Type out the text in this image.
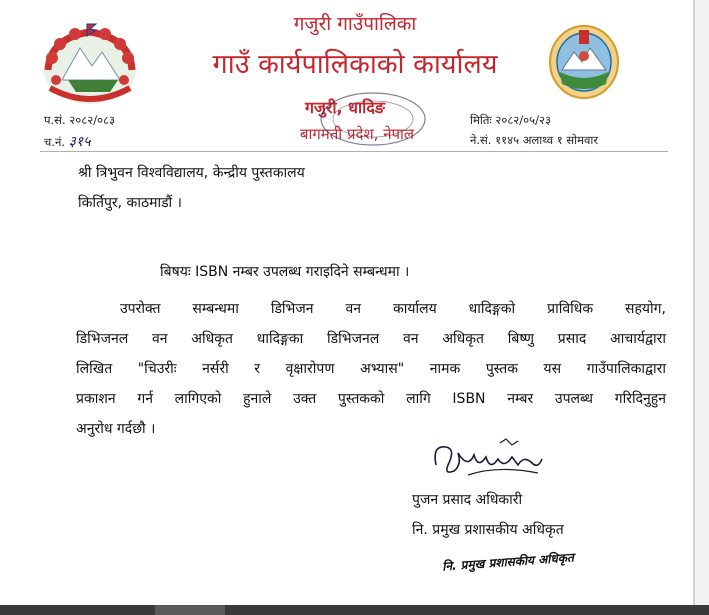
गजुरी गाउँपालिका
गाउँ कार्यपालिकाको कार्यालय
गजुरी, धादिङ
बागमती प्रदेश, नेपाल
प.सं. २०८२/०८३
च.नं. ३१५
मितिः २०८२/०५/२३
ने.सं. ११४५ अलाथ्व १ सोमवार
श्री त्रिभुवन विश्वविद्यालय, केन्द्रीय पुस्तकालय
किर्तिपुर, काठमाडौं ।
बिषयः ISBN नम्बर उपलब्ध गराइदिने सम्बन्धमा ।
उपरोक्त सम्बन्धमा डिभिजन वन कार्यालय धादिङ्गको प्राविधिक सहयोग,
डिभिजनल वन अधिकृत धादिङ्गका डिभिजनल वन अधिकृत बिष्णु प्रसाद आचार्यद्वारा
लिखित "चिउरीः नर्सरी र वृक्षारोपण अभ्यास" नामक पुस्तक यस गाउँपालिकाद्वारा
प्रकाशन गर्न लागिएको हुनाले उक्त पुस्तकको लागि ISBN नम्बर उपलब्ध गरिदिनुहुन
अनुरोध गर्दछौ ।
पुजन प्रसाद अधिकारी
नि. प्रमुख प्रशासकीय अधिकृत
नि. प्रमुख प्रशासकीय अधिकृत
